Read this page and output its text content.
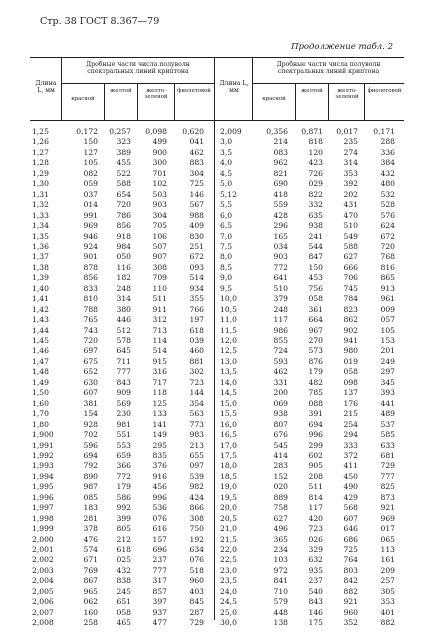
Стр. 38 ГОСТ 8.367—79
Продолжение табл. 2
Длина L, мм
Дробные части числа полуволн спектральных линий криптона
красной
желтой	желто-зеленой
фиолетовой
Длина L, мм
Дробные части числа полуволн спектральных линий криптона
красной
желтой	желто-зеленой
фиолетовой
1,25	0,172	0,257	0,098	0,620 2,009	0,356	0,871	0,017	0,171
1,26	150	323	499	041 3,0	214	818	235	288
1,27	127	389	900	462 3,5	083	120	274	336
1,28	105	455	300	883 4,0	962	423	314	384
1,29	082	522	701	304 4,5	821	726	353	432
1,30	059	588	102	725 5,0	690	029	392	480
1,31	037	654	503	146 5,12	418	822	202	532
1,32	014	720	903	567 5,5	559	332	431	528
1,33	991	786	304	988 6,0	428	635	470	576
1,34	969	856	705	409 6,5	296	938	510	624
1,35	946	918	106	830 7,0	165	241	549	672
1,36	924	984	507	251 7,5	034	544	588	720
1,37	901	050	907	672 8,0	903	847	627	768
1,38	878	116	308	093 8,5	772	150	666	816
1,39	856	182	709	514 9,0	641	453	706	865
1,40	833	248	110	934 9,5	510	756	745	913
1,41	810	314	511	355 10,0	379	058	784	961
1,42	788	380	911	766 10,5	248	361	823	009
1,43	765	446	312	197 11,0	117	664	862	057
1,44	743	512	713	618 11,5	986	967	902	105
1,45	720	578	114	039 12,0	855	270	941	153
1,46	697	645	514	460 12,5	724	573	980	201
1,47	675	711	915	881 13,0	593	876	019	249
1,48	652	777	316	302 13,5	462	179	058	297
1,49	630	843	717	723 14,0	331	482	098	345
1,50	607	909	118	144 14,5	200	785	137	393
1,60	381	569	125	354 15,0	069	088	176	441
1,70	154	230	133	563 15,5	938	391	215	489
1,80	928	981	141	773 16,0	807	694	254	537
1,900	702	551	149	983 16,5	676	996	294	585
1,991	596	553	295	213 17,0	545	299	333	633
1,992	694	659	835	655 17,5	414	602	372	681
1,993	792	366	376	097 18,0	283	905	411	729
1,994	890	772	916	539 18,5	152	208	450	777
1,995	987	179	456	982 19,0	020	511	490	825
1,996	085	586	996	424 19,5	889	814	429	873
1,997	183	992	536	866 20,0	758	117	568	921
1,998	281	399	076	308 20,5	627	420	607	969
1,999	378	805	616	750 21,0	496	723	646	017
2,000	476	212	157	192 21,5	365	026	686	065
2,001	574	618	696	634 22,0	234	329	725	113
2,002	671	025	237	076 22,5	103	632	764	161
2,003	769	432	777	518 23,0	972	935	803	209
2,004	867	838	317	960 23,5	841	237	842	257
2,005	965	245	857	403 24,0	710	540	882	305
2,006	062	651	397	845 24,5	579	843	921	353
2,007	160	058	937	287 25,0	448	146	960	401
2,008	258	465	477	729 30,0	138	175	352	882
